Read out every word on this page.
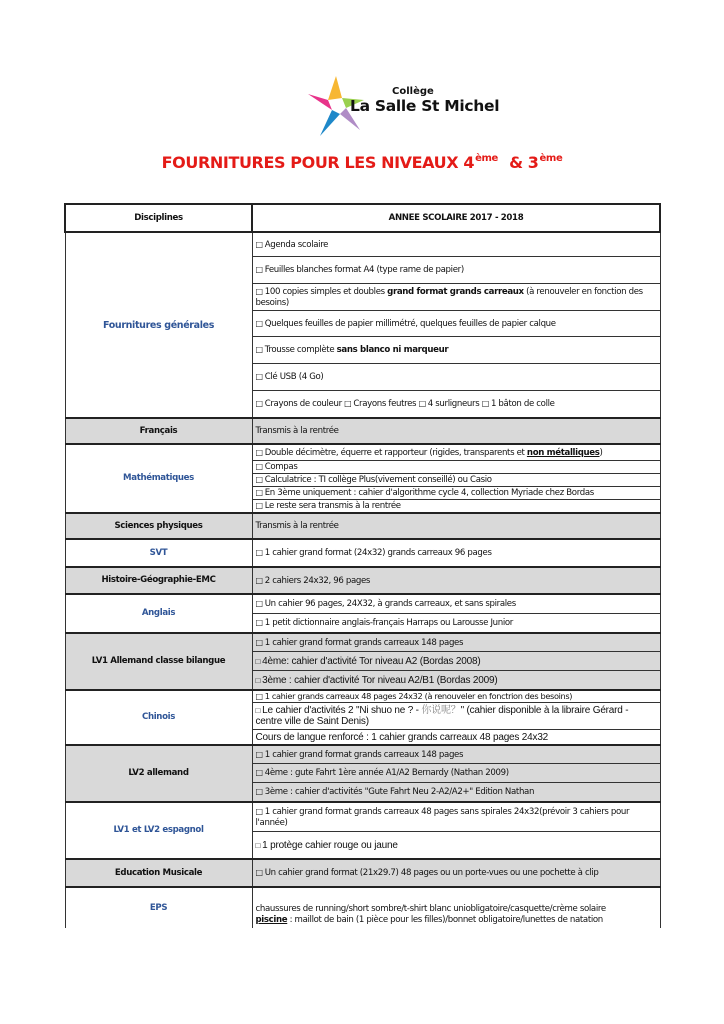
Collège
La Salle St Michel
FOURNITURES POUR LES NIVEAUX 4ème & 3ème
Disciplines	ANNEE SCOLAIRE 2017 - 2018
Fournitures générales	□ Agenda scolaire
	□ Feuilles blanches format A4 (type rame de papier)
	□ 100 copies simples et doubles grand format grands carreaux (à renouveler en fonction des besoins)
	□ Quelques feuilles de papier millimétré, quelques feuilles de papier calque
	□ Trousse complète sans blanco ni marqueur
	□ Clé USB (4 Go)
	□ Crayons de couleur □ Crayons feutres □ 4 surligneurs □ 1 bâton de colle
Français	Transmis à la rentrée
Mathématiques	□ Double décimètre, équerre et rapporteur (rigides, transparents et non métalliques)
	□ Compas
	□ Calculatrice : TI collège Plus(vivement conseillé) ou Casio
	□ En 3ème uniquement : cahier d'algorithme cycle 4, collection Myriade chez Bordas
	□ Le reste sera transmis à la rentrée
Sciences physiques	Transmis à la rentrée
SVT	□ 1 cahier grand format (24x32) grands carreaux 96 pages
Histoire-Géographie-EMC	□ 2 cahiers 24x32, 96 pages
Anglais	□ Un cahier 96 pages, 24X32, à grands carreaux, et sans spirales
	□ 1 petit dictionnaire anglais-français Harraps ou Larousse Junior
LV1 Allemand classe bilangue	□ 1 cahier grand format grands carreaux 148 pages
	□ 4ème: cahier d'activité Tor niveau A2 (Bordas 2008)
	□ 3ème : cahier d'activité Tor niveau A2/B1 (Bordas 2009)
Chinois	□ 1 cahier grands carreaux 48 pages 24x32 (à renouveler en fonctrion des besoins)
	□ Le cahier d'activités 2 "Ni shuo ne ? - 你说呢？" (cahier disponible à la libraire Gérard - centre ville de Saint Denis)
	Cours de langue renforcé : 1 cahier grands carreaux 48 pages 24x32
LV2 allemand	□ 1 cahier grand format grands carreaux 148 pages
	□ 4ème : gute Fahrt 1ère année A1/A2 Bernardy (Nathan 2009)
	□ 3ème : cahier d'activités "Gute Fahrt Neu 2-A2/A2+" Edition Nathan
LV1 et LV2 espagnol	□ 1 cahier grand format grands carreaux 48 pages sans spirales 24x32(prévoir 3 cahiers pour l'année)
	□ 1 protège cahier rouge ou jaune
Education Musicale	□ Un cahier grand format (21x29.7) 48 pages ou un porte-vues ou une pochette à clip
EPS	chaussures de running/short sombre/t-shirt blanc uniobligatoire/casquette/crème solaire
piscine : maillot de bain (1 pièce pour les filles)/bonnet obligatoire/lunettes de natation
